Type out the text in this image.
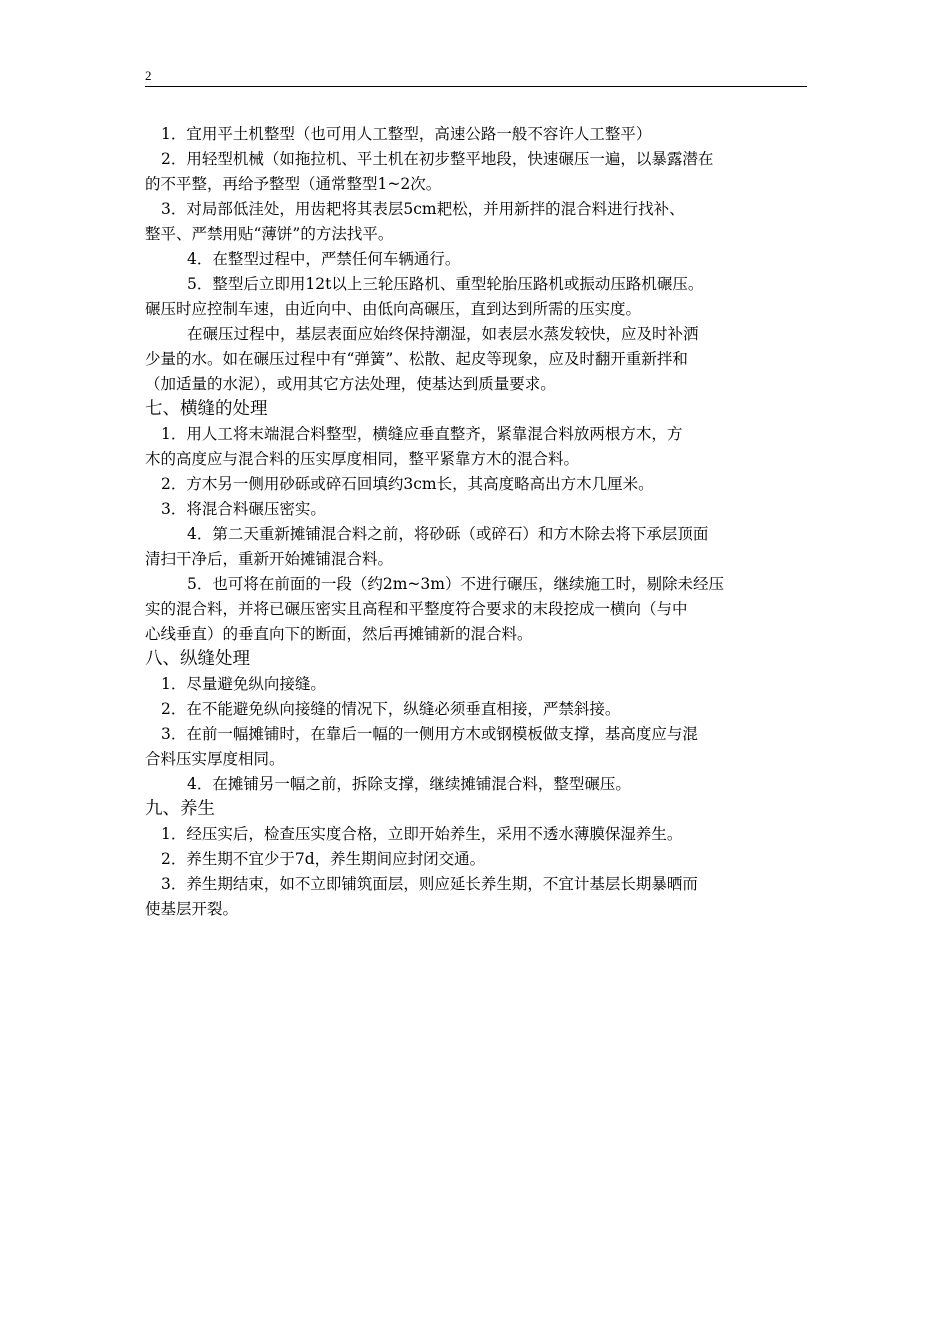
2
1．宜用平土机整型（也可用人工整型，高速公路一般不容许人工整平）
2．用轻型机械（如拖拉机、平土机在初步整平地段，快速碾压一遍，以暴露潜在
的不平整，再给予整型（通常整型1~2次。
3．对局部低洼处，用齿耙将其表层5cm耙松，并用新拌的混合料进行找补、
整平、严禁用贴“薄饼”的方法找平。
4．在整型过程中，严禁任何车辆通行。
5．整型后立即用12t以上三轮压路机、重型轮胎压路机或振动压路机碾压。
碾压时应控制车速，由近向中、由低向高碾压，直到达到所需的压实度。
在碾压过程中，基层表面应始终保持潮湿，如表层水蒸发较快，应及时补洒
少量的水。如在碾压过程中有“弹簧”、松散、起皮等现象，应及时翻开重新拌和
（加适量的水泥），或用其它方法处理，使基达到质量要求。
七、横缝的处理
1．用人工将末端混合料整型，横缝应垂直整齐，紧靠混合料放两根方木，方
木的高度应与混合料的压实厚度相同，整平紧靠方木的混合料。
2．方木另一侧用砂砾或碎石回填约3cm长，其高度略高出方木几厘米。
3．将混合料碾压密实。
4．第二天重新摊铺混合料之前，将砂砾（或碎石）和方木除去将下承层顶面
清扫干净后，重新开始摊铺混合料。
5．也可将在前面的一段（约2m~3m）不进行碾压，继续施工时，剔除未经压
实的混合料，并将已碾压密实且高程和平整度符合要求的末段挖成一横向（与中
心线垂直）的垂直向下的断面，然后再摊铺新的混合料。
八、纵缝处理
1．尽量避免纵向接缝。
2．在不能避免纵向接缝的情况下，纵缝必须垂直相接，严禁斜接。
3．在前一幅摊铺时，在靠后一幅的一侧用方木或钢模板做支撑，基高度应与混
合料压实厚度相同。
4．在摊铺另一幅之前，拆除支撑，继续摊铺混合料，整型碾压。
九、养生
1．经压实后，检查压实度合格，立即开始养生，采用不透水薄膜保湿养生。
2．养生期不宜少于7d，养生期间应封闭交通。
3．养生期结束，如不立即铺筑面层，则应延长养生期，不宜计基层长期暴晒而
使基层开裂。
